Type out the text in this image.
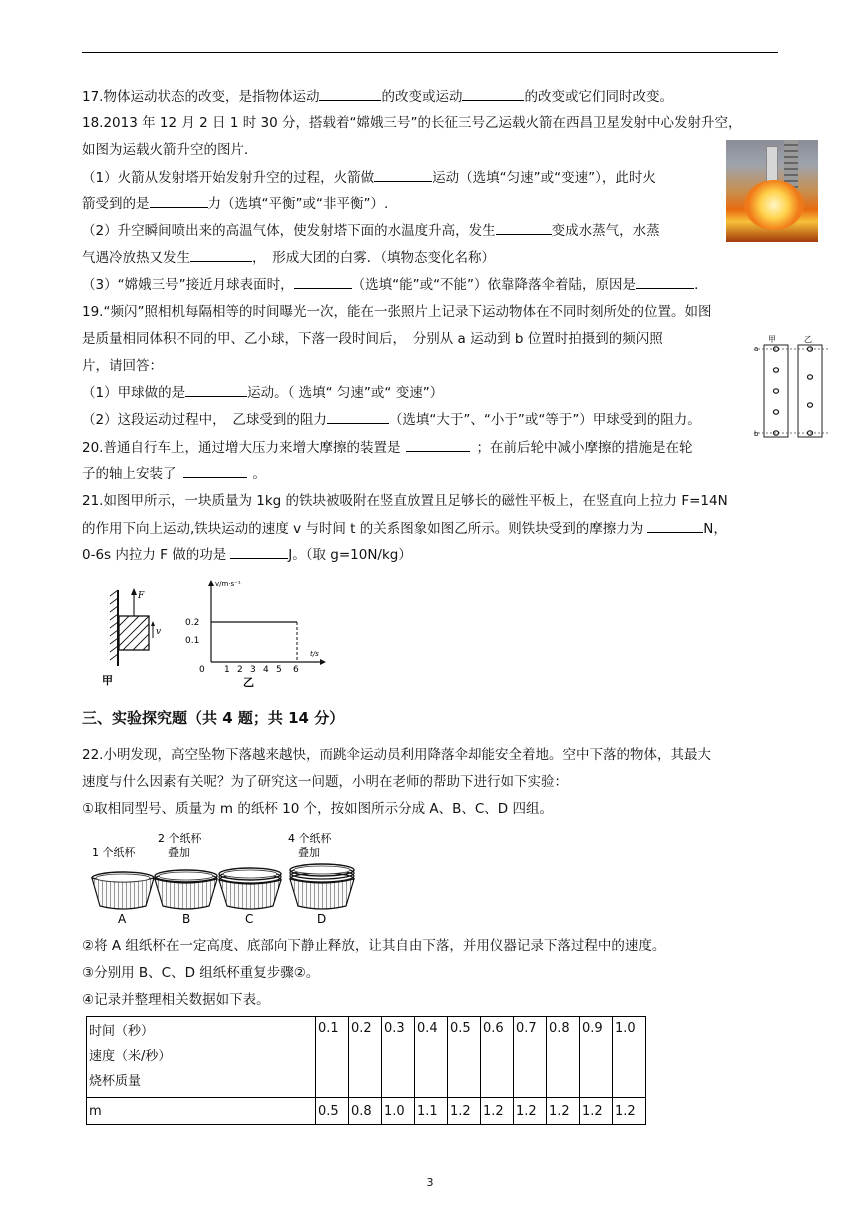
17.物体运动状态的改变，是指物体运动	的改变或运动	的改变或它们同时改变。
18.2013 年 12 月 2 日 1 时 30 分，搭载着“嫦娥三号”的长征三号乙运载火箭在西昌卫星发射中心发射升空，
如图为运载火箭升空的图片．
（1）火箭从发射塔开始发射升空的过程，火箭做	运动（选填“匀速”或“变速”），此时火
箭受到的是	力（选填“平衡”或“非平衡”）.
（2）升空瞬间喷出来的高温气体，使发射塔下面的水温度升高，发生	变成水蒸气，水蒸
气遇冷放热又发生	，　形成大团的白雾．（填物态变化名称）
（3）“嫦娥三号”接近月球表面时，	（选填“能”或“不能”）依靠降落伞着陆，原因是	．
19.“频闪”照相机每隔相等的时间曝光一次，能在一张照片上记录下运动物体在不同时刻所处的位置。如图
是质量相同体积不同的甲、乙小球，下落一段时间后，　分别从 a 运动到 b 位置时拍摄到的频闪照
片，请回答：
（1）甲球做的是	运动。（ 选填“ 匀速”或“ 变速”）
（2）这段运动过程中，　乙球受到的阻力	（选填“大于”、“小于”或“等于”）甲球受到的阻力。
甲	乙
a
b
20.普通自行车上，通过增大压力来增大摩擦的装置是	；在前后轮中减小摩擦的措施是在轮
子的轴上安装了	。
21.如图甲所示，一块质量为 1kg 的铁块被吸附在竖直放置且足够长的磁性平板上，在竖直向上拉力 F=14N
的作用下向上运动,铁块运动的速度 v 与时间 t 的关系图象如图乙所示。则铁块受到的摩擦力为	N，
0-6s 内拉力 F 做的功是	J。（取 g=10N/kg）
F
v
甲
v/m·s⁻¹
t/s
0.2
0.1
0 1 2 3 4 5 6
乙
三、实验探究题（共 4 题；共 14 分）
22.小明发现，高空坠物下落越来越快，而跳伞运动员利用降落伞却能安全着地。空中下落的物体，其最大
速度与什么因素有关呢？为了研究这一问题，小明在老师的帮助下进行如下实验：
①取相同型号、质量为 m 的纸杯 10 个，按如图所示分成 A、B、C、D 四组。
1 个纸杯
2 个纸杯
叠加
4 个纸杯
叠加
A	B	C	D
②将 A 组纸杯在一定高度、底部向下静止释放，让其自由下落，并用仪器记录下落过程中的速度。
③分别用 B、C、D 组纸杯重复步骤②。
④记录并整理相关数据如下表。
时间（秒）
速度（米/秒）
烧杯质量	0.1	0.2	0.3	0.4	0.5	0.6	0.7	0.8	0.9	1.0
m	0.5	0.8	1.0	1.1	1.2	1.2	1.2	1.2	1.2	1.2
3
